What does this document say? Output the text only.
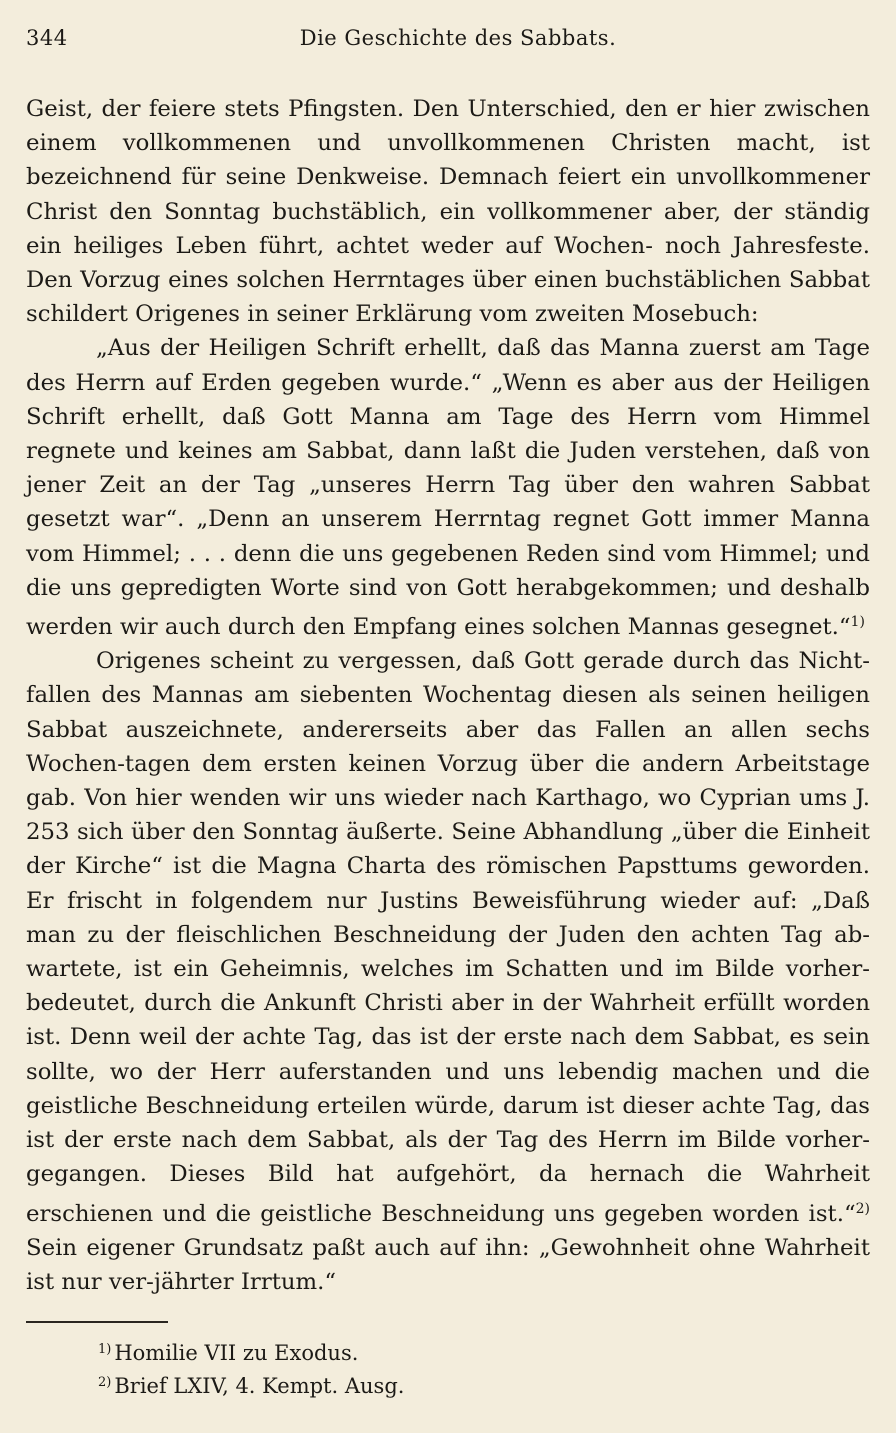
344	Die Geschichte des Sabbats.

Geist, der feiere stets Pfingsten. Den Unterschied, den er hier zwischen einem vollkommenen und unvollkommenen Christen macht, ist bezeichnend für seine Denkweise. Demnach feiert ein unvollkommener Christ den Sonntag buchstäblich, ein vollkommener aber, der ständig ein heiliges Leben führt, achtet weder auf Wochen- noch Jahresfeste. Den Vorzug eines solchen Herrntages über einen buchstäblichen Sabbat schildert Origenes in seiner Erklärung vom zweiten Mosebuch:

„Aus der Heiligen Schrift erhellt, daß das Manna zuerst am Tage des Herrn auf Erden gegeben wurde.“ „Wenn es aber aus der Heiligen Schrift erhellt, daß Gott Manna am Tage des Herrn vom Himmel regnete und keines am Sabbat, dann laßt die Juden verstehen, daß von jener Zeit an der Tag „unseres Herrn Tag über den wahren Sabbat gesetzt war“. „Denn an unserem Herrntag regnet Gott immer Manna vom Himmel; . . . denn die uns gegebenen Reden sind vom Himmel; und die uns gepredigten Worte sind von Gott herabgekommen; und deshalb werden wir auch durch den Empfang eines solchen Mannas gesegnet.“$^{1)}$

Origenes scheint zu vergessen, daß Gott gerade durch das Nicht-fallen des Mannas am siebenten Wochentag diesen als seinen heiligen Sabbat auszeichnete, andererseits aber das Fallen an allen sechs Wochen-tagen dem ersten keinen Vorzug über die andern Arbeitstage gab. Von hier wenden wir uns wieder nach Karthago, wo Cyprian ums J. 253 sich über den Sonntag äußerte. Seine Abhandlung „über die Einheit der Kirche“ ist die Magna Charta des römischen Papsttums geworden. Er frischt in folgendem nur Justins Beweisführung wieder auf: „Daß man zu der fleischlichen Beschneidung der Juden den achten Tag ab-wartete, ist ein Geheimnis, welches im Schatten und im Bilde vorher-bedeutet, durch die Ankunft Christi aber in der Wahrheit erfüllt worden ist. Denn weil der achte Tag, das ist der erste nach dem Sabbat, es sein sollte, wo der Herr auferstanden und uns lebendig machen und die geistliche Beschneidung erteilen würde, darum ist dieser achte Tag, das ist der erste nach dem Sabbat, als der Tag des Herrn im Bilde vorher-gegangen. Dieses Bild hat aufgehört, da hernach die Wahrheit erschienen und die geistliche Beschneidung uns gegeben worden ist.“$^{2)}$ Sein eigener Grundsatz paßt auch auf ihn: „Gewohnheit ohne Wahrheit ist nur ver-jährter Irrtum.“

$^{1)}$ Homilie VII zu Exodus.

$^{2)}$ Brief LXIV, 4. Kempt. Ausg.
